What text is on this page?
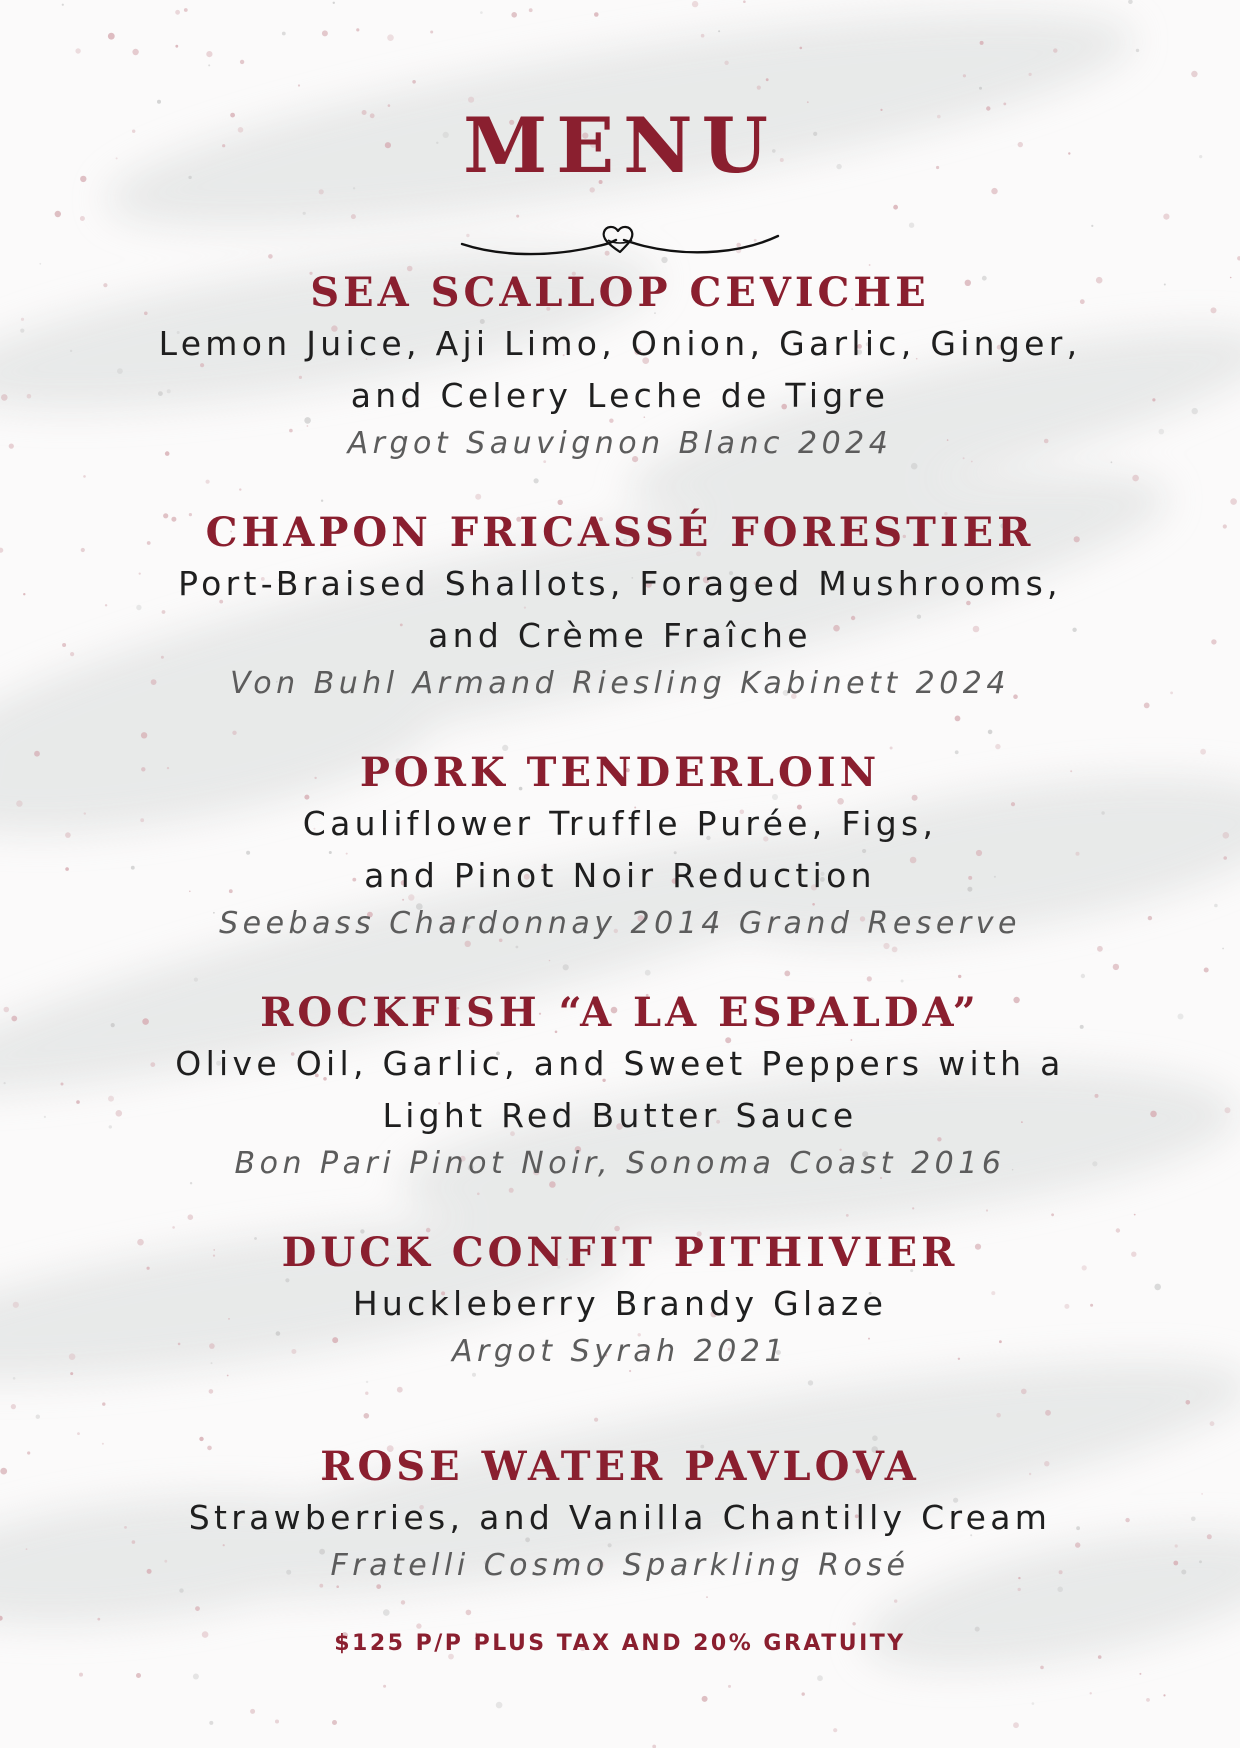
MENU
SEA SCALLOP CEVICHE
Lemon Juice, Aji Limo, Onion, Garlic, Ginger,
and Celery Leche de Tigre
Argot Sauvignon Blanc 2024
CHAPON FRICASSÉ FORESTIER
Port-Braised Shallots, Foraged Mushrooms,
and Crème Fraîche
Von Buhl Armand Riesling Kabinett 2024
PORK TENDERLOIN
Cauliflower Truffle Purée, Figs,
and Pinot Noir Reduction
Seebass Chardonnay 2014 Grand Reserve
ROCKFISH “A LA ESPALDA”
Olive Oil, Garlic, and Sweet Peppers with a
Light Red Butter Sauce
Bon Pari Pinot Noir, Sonoma Coast 2016
DUCK CONFIT PITHIVIER
Huckleberry Brandy Glaze
Argot Syrah 2021
ROSE WATER PAVLOVA
Strawberries, and Vanilla Chantilly Cream
Fratelli Cosmo Sparkling Rosé
$125 P/P PLUS TAX AND 20% GRATUITY
